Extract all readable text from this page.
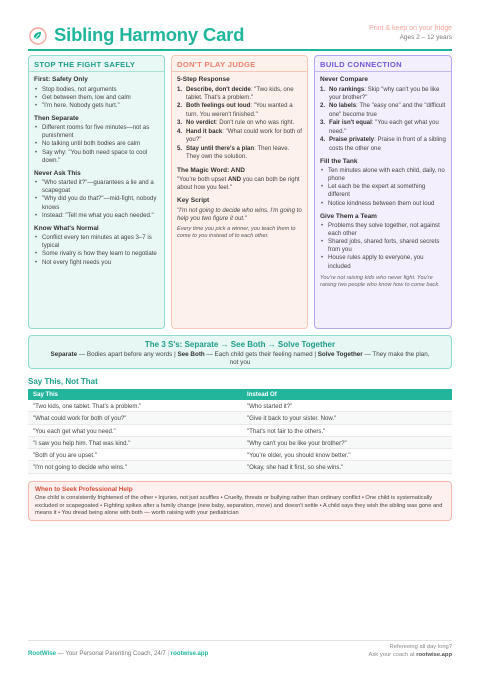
Sibling Harmony Card	Print & keep on your fridge
Ages 2 – 12 years
STOP THE FIGHT SAFELY
First: Safety Only
• Stop bodies, not arguments
• Get between them, low and calm
• "I'm here. Nobody gets hurt."
Then Separate
• Different rooms for five minutes—not as punishment
• No talking until both bodies are calm
• Say why: "You both need space to cool down."
Never Ask This
• "Who started it?"—guarantees a lie and a scapegoat
• "Why did you do that?"—mid-fight, nobody knows
• Instead: "Tell me what you each needed."
Know What's Normal
• Conflict every ten minutes at ages 3–7 is typical
• Some rivalry is how they learn to negotiate
• Not every fight needs you
DON'T PLAY JUDGE
5-Step Response
1. Describe, don't decide: "Two kids, one tablet. That's a problem."
2. Both feelings out loud: "You wanted a turn. You weren't finished."
3. No verdict: Don't rule on who was right.
4. Hand it back: "What could work for both of you?"
5. Stay until there's a plan: Then leave. They own the solution.
The Magic Word: AND
"You're both upset AND you can both be right about how you feel."
Key Script
"I'm not going to decide who wins. I'm going to help you two figure it out."
Every time you pick a winner, you teach them to come to you instead of to each other.
BUILD CONNECTION
Never Compare
1. No rankings: Skip "why can't you be like your brother?"
2. No labels: The "easy one" and the "difficult one" become true
3. Fair isn't equal: "You each get what you need."
4. Praise privately: Praise in front of a sibling costs the other one
Fill the Tank
• Ten minutes alone with each child, daily, no phone
• Let each be the expert at something different
• Notice kindness between them out loud
Give Them a Team
• Problems they solve together, not against each other
• Shared jobs, shared forts, shared secrets from you
• House rules apply to everyone, you included
You're not raising kids who never fight. You're raising two people who know how to come back.
The 3 S's: Separate → See Both → Solve Together
Separate — Bodies apart before any words | See Both — Each child gets their feeling named | Solve Together — They make the plan, not you
Say This, Not That
Say This	Instead Of
"Two kids, one tablet. That's a problem."	"Who started it?"
"What could work for both of you?"	"Give it back to your sister. Now."
"You each get what you need."	"That's not fair to the others."
"I saw you help him. That was kind."	"Why can't you be like your brother?"
"Both of you are upset."	"You're older, you should know better."
"I'm not going to decide who wins."	"Okay, she had it first, so she wins."
When to Seek Professional Help
One child is consistently frightened of the other • Injuries, not just scuffles • Cruelty, threats or bullying rather than ordinary conflict • One child is systematically excluded or scapegoated • Fighting spikes after a family change (new baby, separation, move) and doesn't settle • A child says they wish the sibling was gone and means it • You dread being alone with both — worth raising with your pediatrician
RootWise — Your Personal Parenting Coach, 24/7 | rootwise.app
Refereeing all day long?
Ask your coach at rootwise.app
